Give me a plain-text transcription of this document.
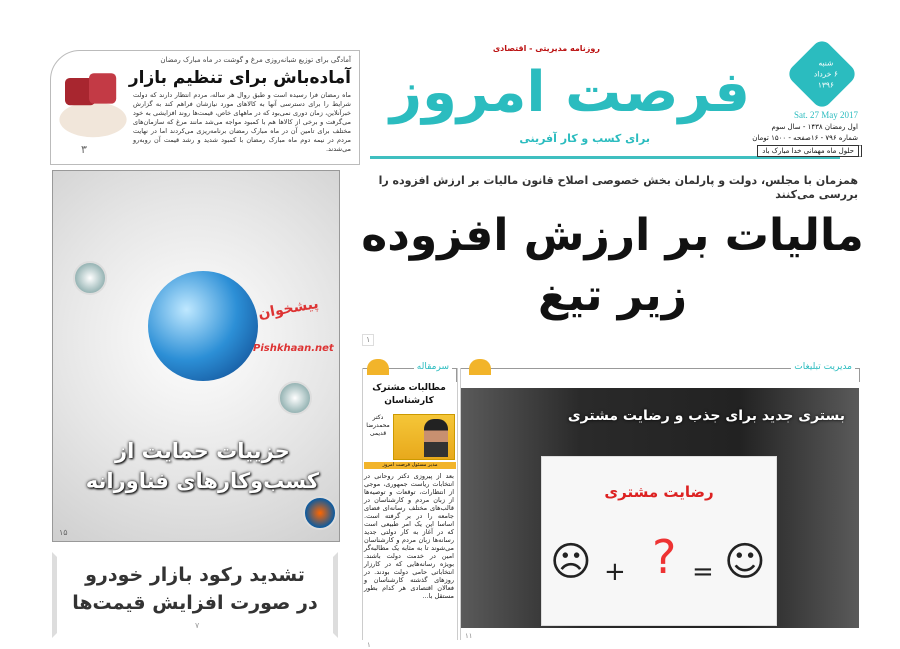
آمادگی برای توزیع شبانه‌روزی مرغ و گوشت در ماه مبارک رمضان
آماده‌باش برای تنظیم بازار
ماه رمضان فرا رسیده است و طبق روال هر ساله، مردم انتظار دارند که دولت شرایط را برای دسترسی آنها به کالاهای مورد نیازشان فراهم کند به گزارش خبرآنلاین، زمان دوری نمی‌بود که در ماههای خاص، قیمت‌ها روند افزایشی به خود می‌گرفت و برخی از کالاها هم با کمبود مواجه می‌شد مانند مرغ که سازمان‌های مختلف برای تامین آن در ماه مبارک رمضان برنامه‌ریزی می‌کردند اما در نهایت مردم در نیمه دوم ماه مبارک رمضان با کمبود شدید و رشد قیمت آن روبه‌رو می‌شدند.
۳
روزنامه مدیریتی - اقتصادی
فرصت امروز
برای کسب و کار آفرینی
شنبه
۶ خرداد
۱۳۹۶
Sat. 27 May 2017
اول رمضان ۱۴۳۸ - سال سوم
شماره ۷۹۶ - ۱۶صفحه - ۱۵۰۰ تومان
حلول ماه مهمانی خدا مبارک باد
همزمان با مجلس، دولت و پارلمان بخش خصوصی اصلاح قانون مالیات بر ارزش افزوده را بررسی می‌کنند
مالیات بر ارزش افزوده
زیر تیغ
۱
پیشخوان
Pishkhaan.net
جزییات حمایت از
کسب‌وکارهای فناورانه
۱۵
تشدید رکود بازار خودرو
در صورت افزایش قیمت‌ها
۷
سرمقاله
مطالبات مشترک کارشناسان
دکتر محمدرضا قدیمی
مدیر مسئول فرصت امروز
بعد از پیروزی دکتر روحانی در انتخابات ریاست جمهوری، موجی از انتظارات، توقعات و توصیه‌ها از زبان مردم و کارشناسان در قالب‌های مختلف رسانه‌ای فضای جامعه را در بر گرفته است. اساسا این یک امر طبیعی است که در آغاز به کار دولتی جدید رسانه‌ها زبان مردم و کارشناسان می‌شوند تا به مثابه یک مطالبه‌گر امین در خدمت دولت باشند. بویژه رسانه‌هایی که در کارزار انتخاباتی حامی دولت بودند. در روزهای گذشته کارشناسان و فعالان اقتصادی هر کدام بطور مستقل با...
۱
مدیریت تبلیغات
بستری جدید برای جذب و رضایت مشتری
رضایت مشتری
☹ + ? = ☺
۱۱
